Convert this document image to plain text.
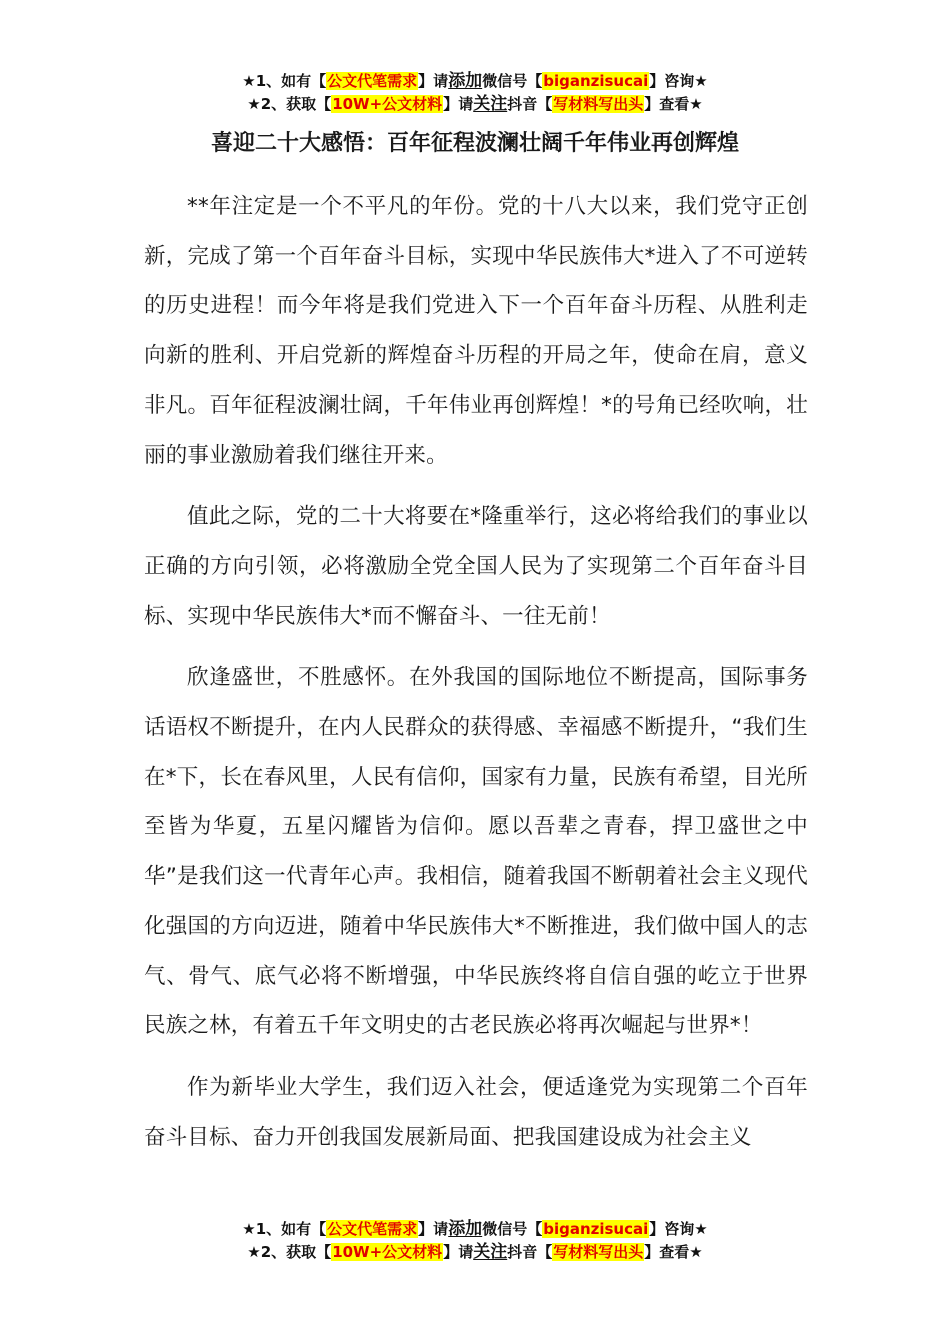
★1、如有【公文代笔需求】请添加微信号【biganzisucai】咨询★
★2、获取【10W+公文材料】请关注抖音【写材料写出头】查看★
喜迎二十大感悟：百年征程波澜壮阔千年伟业再创辉煌

**年注定是一个不平凡的年份。党的十八大以来，我们党守正创新，完成了第一个百年奋斗目标，实现中华民族伟大*进入了不可逆转的历史进程！而今年将是我们党进入下一个百年奋斗历程、从胜利走向新的胜利、开启党新的辉煌奋斗历程的开局之年，使命在肩，意义非凡。百年征程波澜壮阔，千年伟业再创辉煌！*的号角已经吹响，壮丽的事业激励着我们继往开来。

值此之际，党的二十大将要在*隆重举行，这必将给我们的事业以正确的方向引领，必将激励全党全国人民为了实现第二个百年奋斗目标、实现中华民族伟大*而不懈奋斗、一往无前！

欣逢盛世，不胜感怀。在外我国的国际地位不断提高，国际事务话语权不断提升，在内人民群众的获得感、幸福感不断提升，“我们生在*下，长在春风里，人民有信仰，国家有力量，民族有希望，目光所至皆为华夏，五星闪耀皆为信仰。愿以吾辈之青春，捍卫盛世之中华”是我们这一代青年心声。我相信，随着我国不断朝着社会主义现代化强国的方向迈进，随着中华民族伟大*不断推进，我们做中国人的志气、骨气、底气必将不断增强，中华民族终将自信自强的屹立于世界民族之林，有着五千年文明史的古老民族必将再次崛起与世界*！

作为新毕业大学生，我们迈入社会，便适逢党为实现第二个百年奋斗目标、奋力开创我国发展新局面、把我国建设成为社会主义

★1、如有【公文代笔需求】请添加微信号【biganzisucai】咨询★
★2、获取【10W+公文材料】请关注抖音【写材料写出头】查看★
